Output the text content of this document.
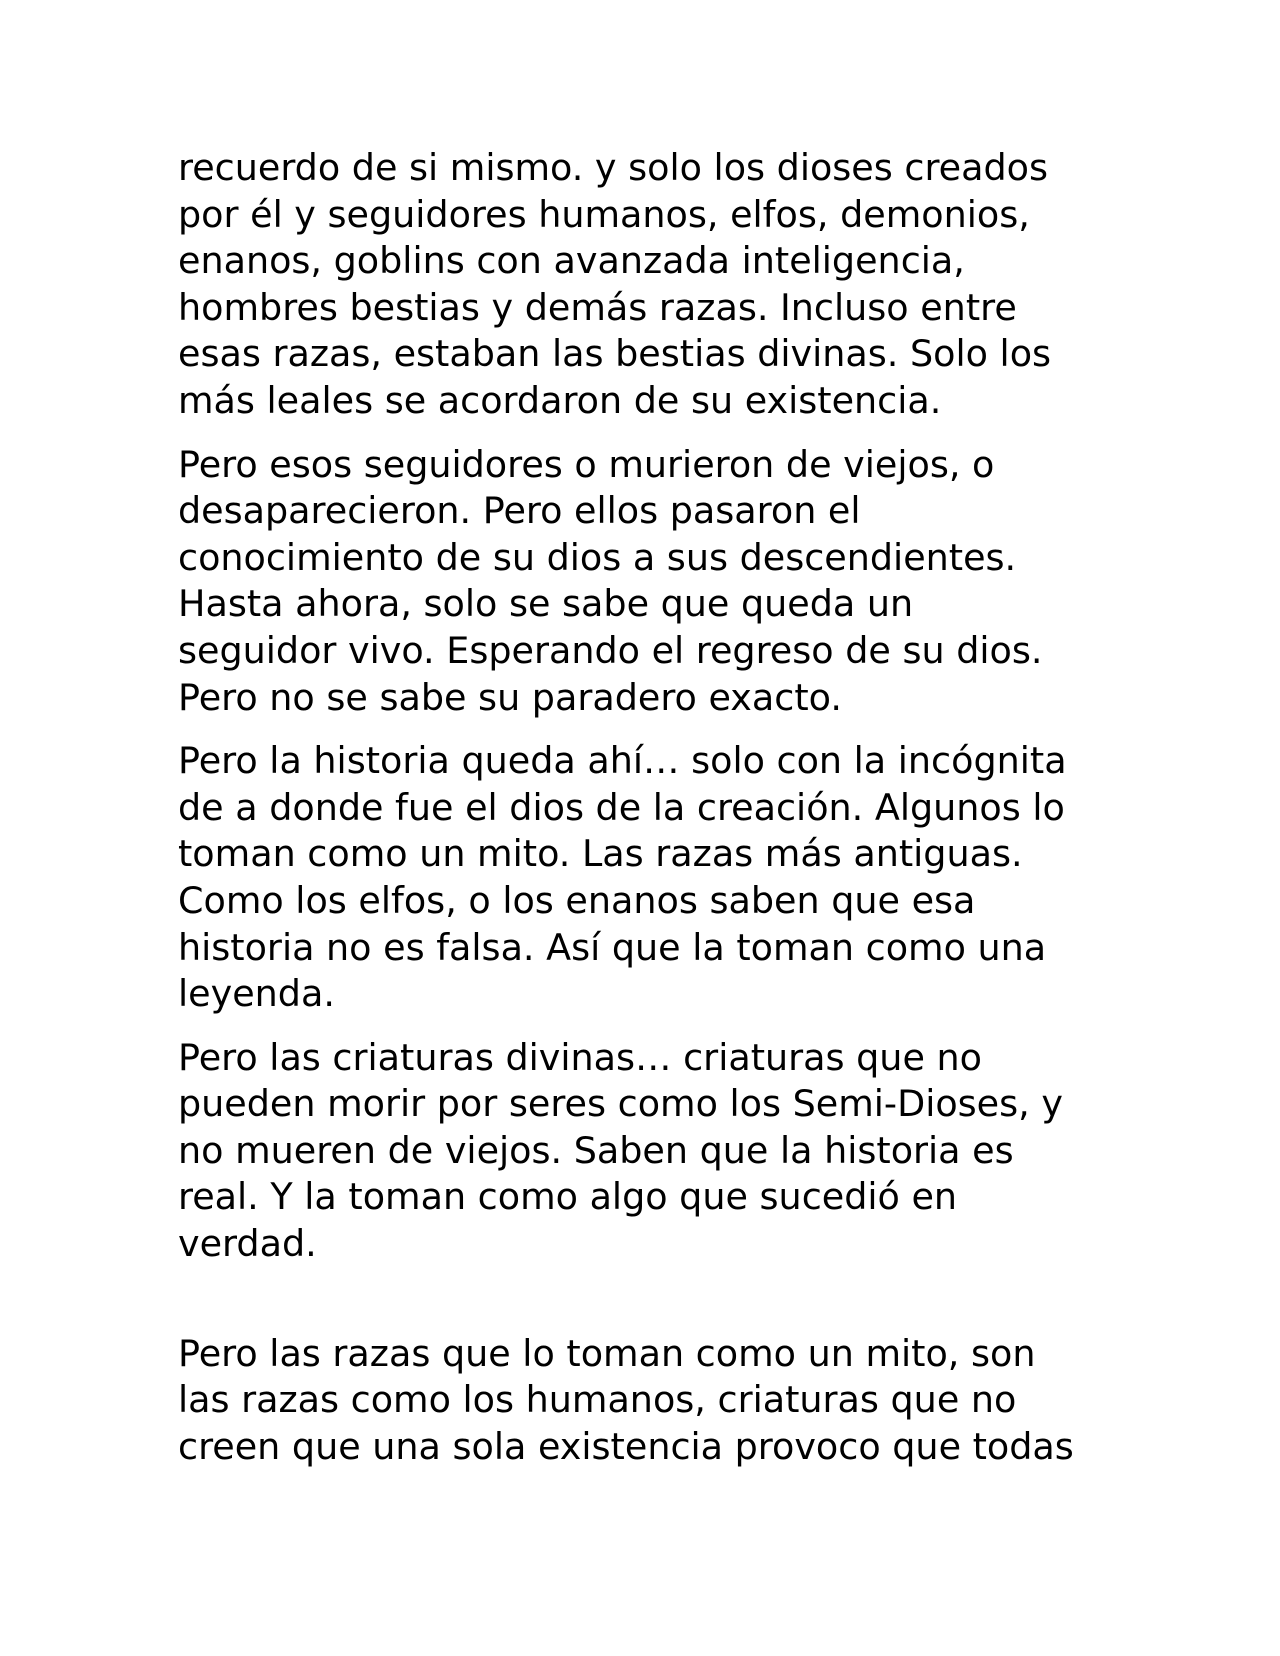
recuerdo de si mismo. y solo los dioses creados
por él y seguidores humanos, elfos, demonios,
enanos, goblins con avanzada inteligencia,
hombres bestias y demás razas. Incluso entre
esas razas, estaban las bestias divinas. Solo los
más leales se acordaron de su existencia.

Pero esos seguidores o murieron de viejos, o
desaparecieron. Pero ellos pasaron el
conocimiento de su dios a sus descendientes.
Hasta ahora, solo se sabe que queda un
seguidor vivo. Esperando el regreso de su dios.
Pero no se sabe su paradero exacto.

Pero la historia queda ahí… solo con la incógnita
de a donde fue el dios de la creación. Algunos lo
toman como un mito. Las razas más antiguas.
Como los elfos, o los enanos saben que esa
historia no es falsa. Así que la toman como una
leyenda.

Pero las criaturas divinas… criaturas que no
pueden morir por seres como los Semi-Dioses, y
no mueren de viejos. Saben que la historia es
real. Y la toman como algo que sucedió en
verdad.

Pero las razas que lo toman como un mito, son
las razas como los humanos, criaturas que no
creen que una sola existencia provoco que todas
